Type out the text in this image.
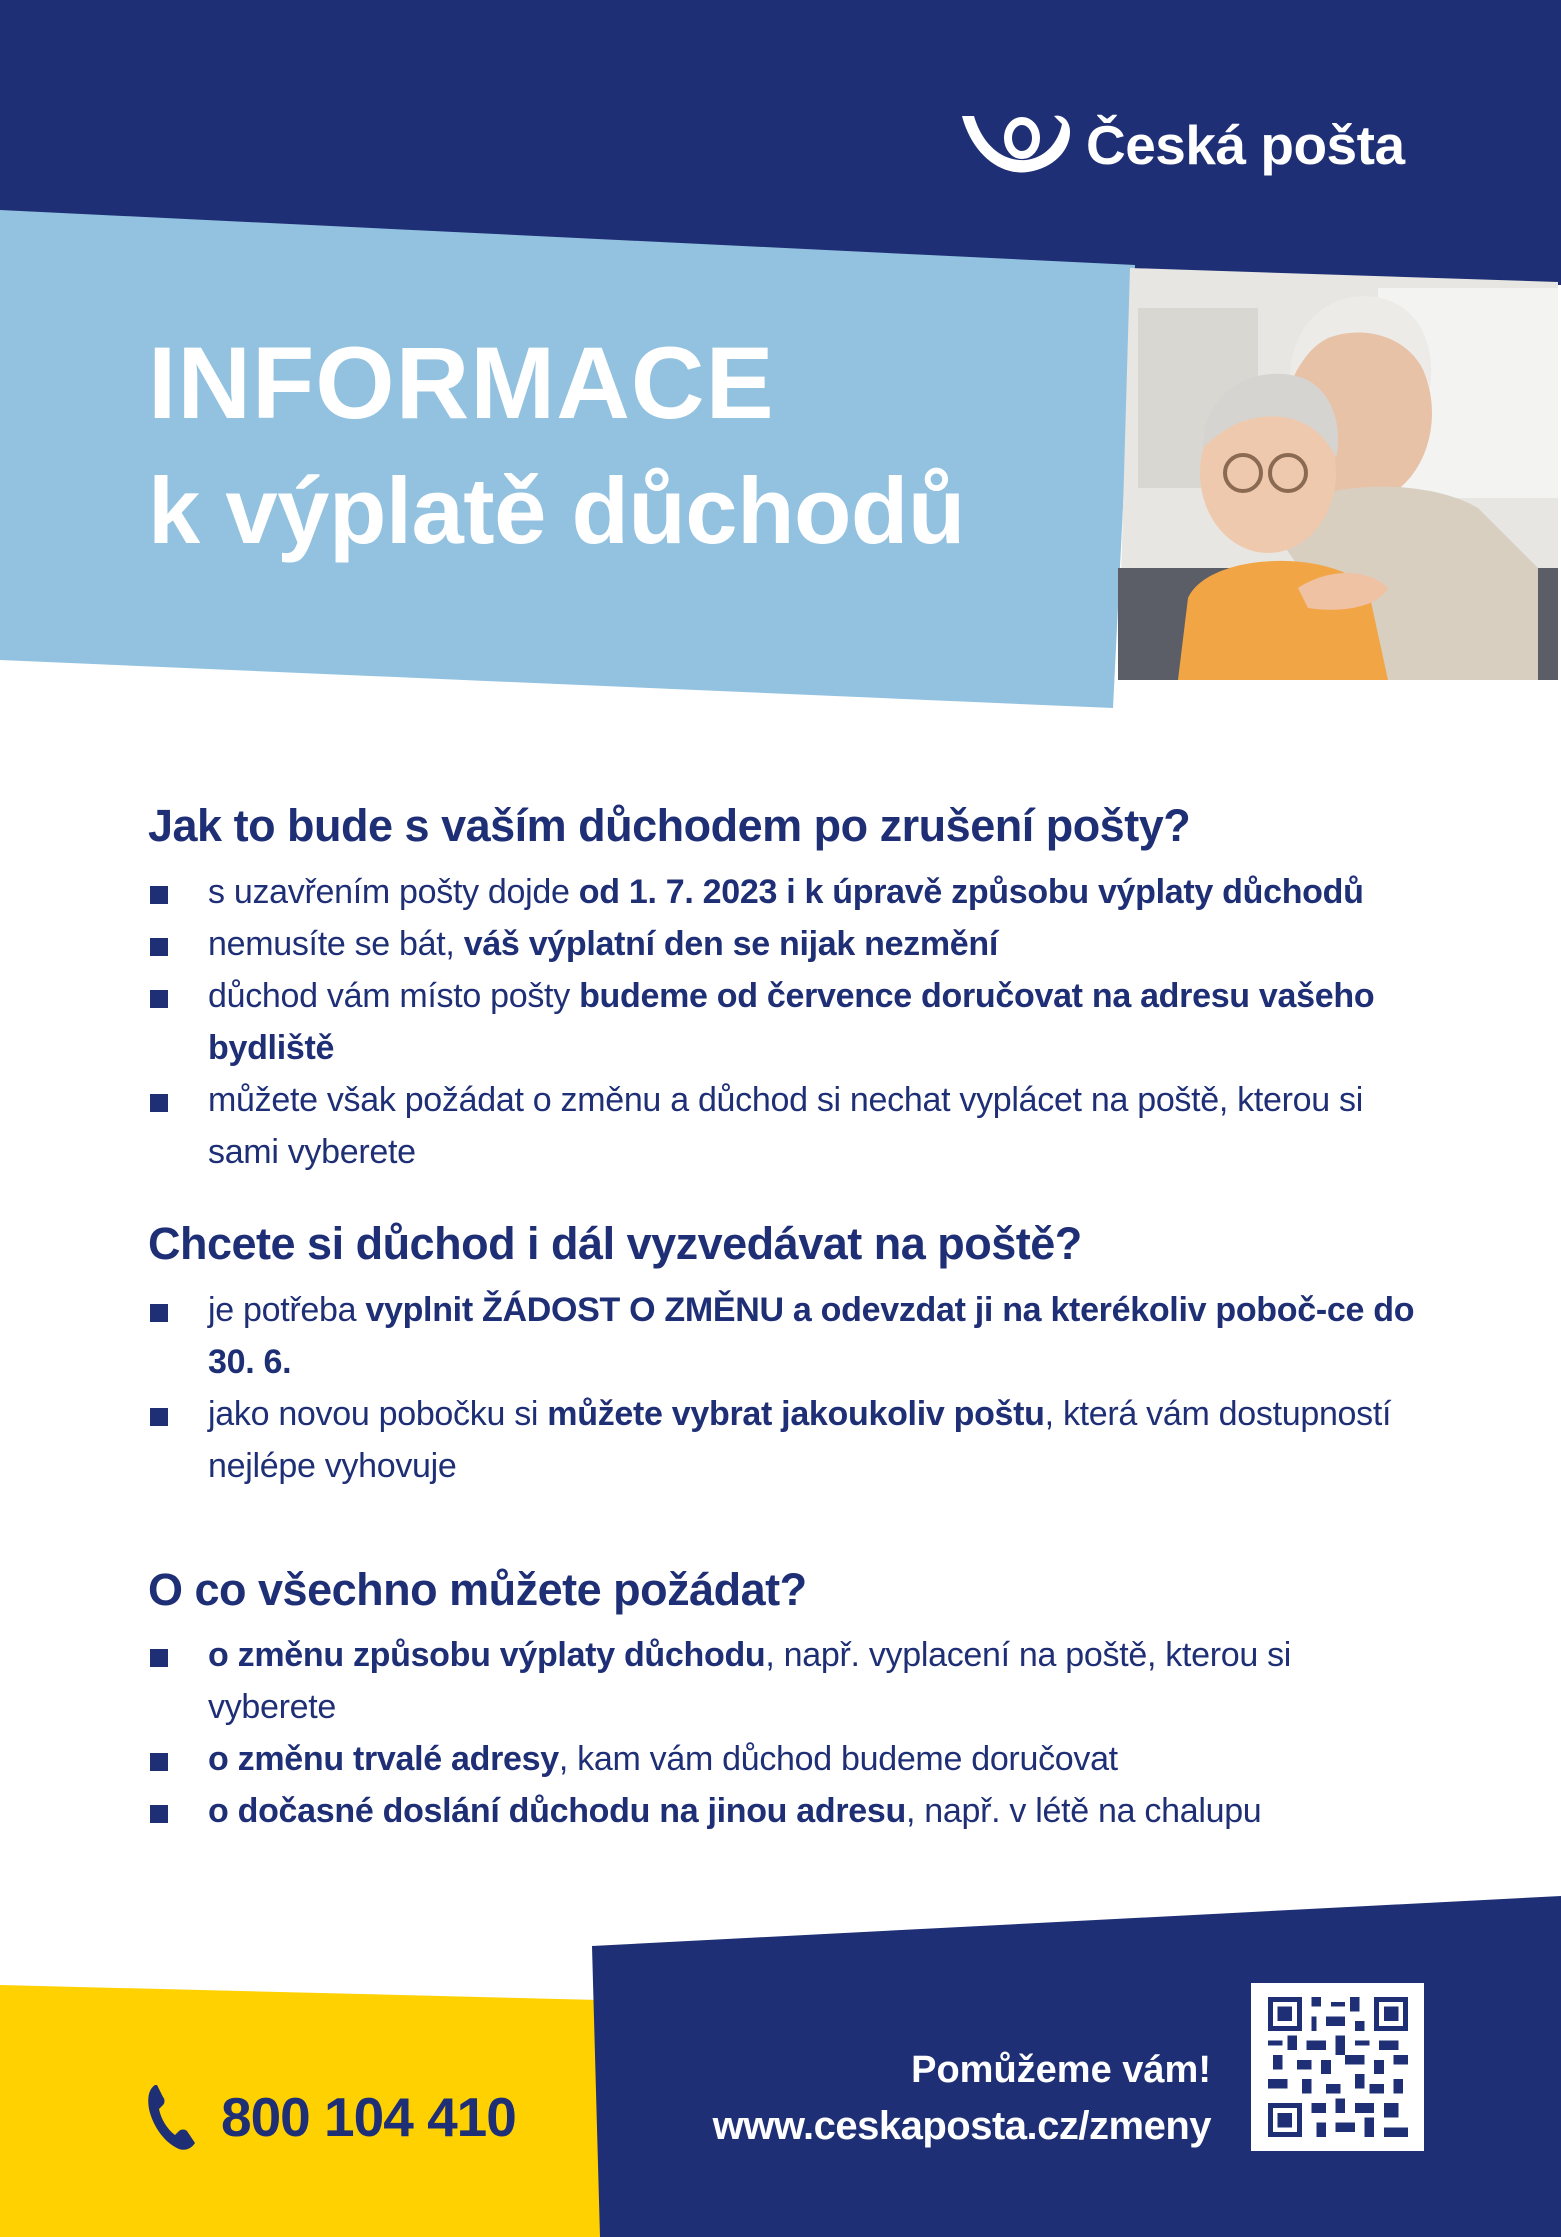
Česká pošta
INFORMACE
k výplatě důchodů
Jak to bude s vaším důchodem po zrušení pošty?
s uzavřením pošty dojde od 1. 7. 2023 i k úpravě způsobu výplaty důchodů
nemusíte se bát, váš výplatní den se nijak nezmění
důchod vám místo pošty budeme od července doručovat na adresu vašeho bydliště
můžete však požádat o změnu a důchod si nechat vyplácet na poště, kterou si sami vyberete
Chcete si důchod i dál vyzvedávat na poště?
je potřeba vyplnit ŽÁDOST O ZMĚNU a odevzdat ji na kterékoliv poboč-ce do 30. 6.
jako novou pobočku si můžete vybrat jakoukoliv poštu, která vám dostupností nejlépe vyhovuje
O co všechno můžete požádat?
o změnu způsobu výplaty důchodu, např. vyplacení na poště, kterou si vyberete
o změnu trvalé adresy, kam vám důchod budeme doručovat
o dočasné doslání důchodu na jinou adresu, např. v létě na chalupu
800 104 410
Pomůžeme vám!
www.ceskaposta.cz/zmeny
